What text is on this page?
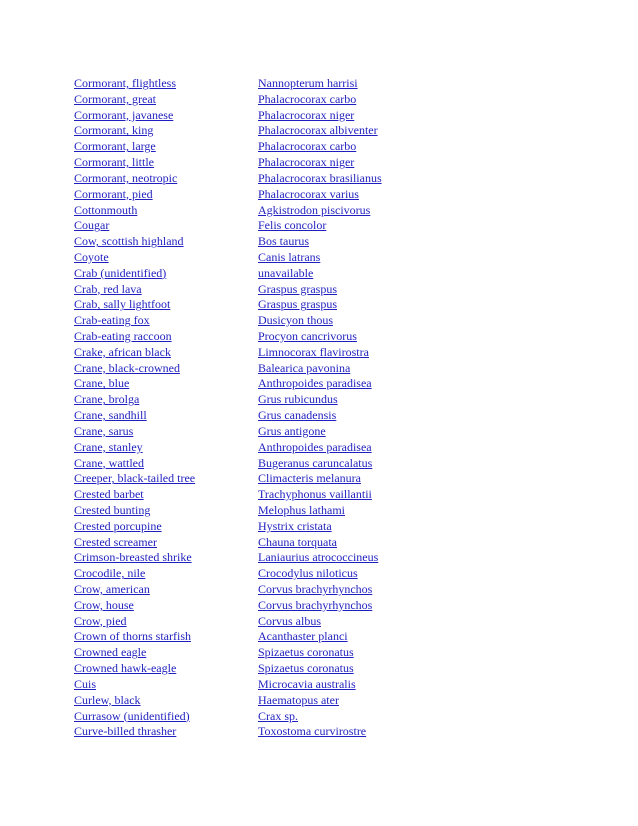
Cormorant, flightless	Nannopterum harrisi
Cormorant, great	Phalacrocorax carbo
Cormorant, javanese	Phalacrocorax niger
Cormorant, king	Phalacrocorax albiventer
Cormorant, large	Phalacrocorax carbo
Cormorant, little	Phalacrocorax niger
Cormorant, neotropic	Phalacrocorax brasilianus
Cormorant, pied	Phalacrocorax varius
Cottonmouth	Agkistrodon piscivorus
Cougar	Felis concolor
Cow, scottish highland	Bos taurus
Coyote	Canis latrans
Crab (unidentified)	unavailable
Crab, red lava	Graspus graspus
Crab, sally lightfoot	Graspus graspus
Crab-eating fox	Dusicyon thous
Crab-eating raccoon	Procyon cancrivorus
Crake, african black	Limnocorax flavirostra
Crane, black-crowned	Balearica pavonina
Crane, blue	Anthropoides paradisea
Crane, brolga	Grus rubicundus
Crane, sandhill	Grus canadensis
Crane, sarus	Grus antigone
Crane, stanley	Anthropoides paradisea
Crane, wattled	Bugeranus caruncalatus
Creeper, black-tailed tree	Climacteris melanura
Crested barbet	Trachyphonus vaillantii
Crested bunting	Melophus lathami
Crested porcupine	Hystrix cristata
Crested screamer	Chauna torquata
Crimson-breasted shrike	Laniaurius atrococcineus
Crocodile, nile	Crocodylus niloticus
Crow, american	Corvus brachyrhynchos
Crow, house	Corvus brachyrhynchos
Crow, pied	Corvus albus
Crown of thorns starfish	Acanthaster planci
Crowned eagle	Spizaetus coronatus
Crowned hawk-eagle	Spizaetus coronatus
Cuis	Microcavia australis
Curlew, black	Haematopus ater
Currasow (unidentified)	Crax sp.
Curve-billed thrasher	Toxostoma curvirostre
